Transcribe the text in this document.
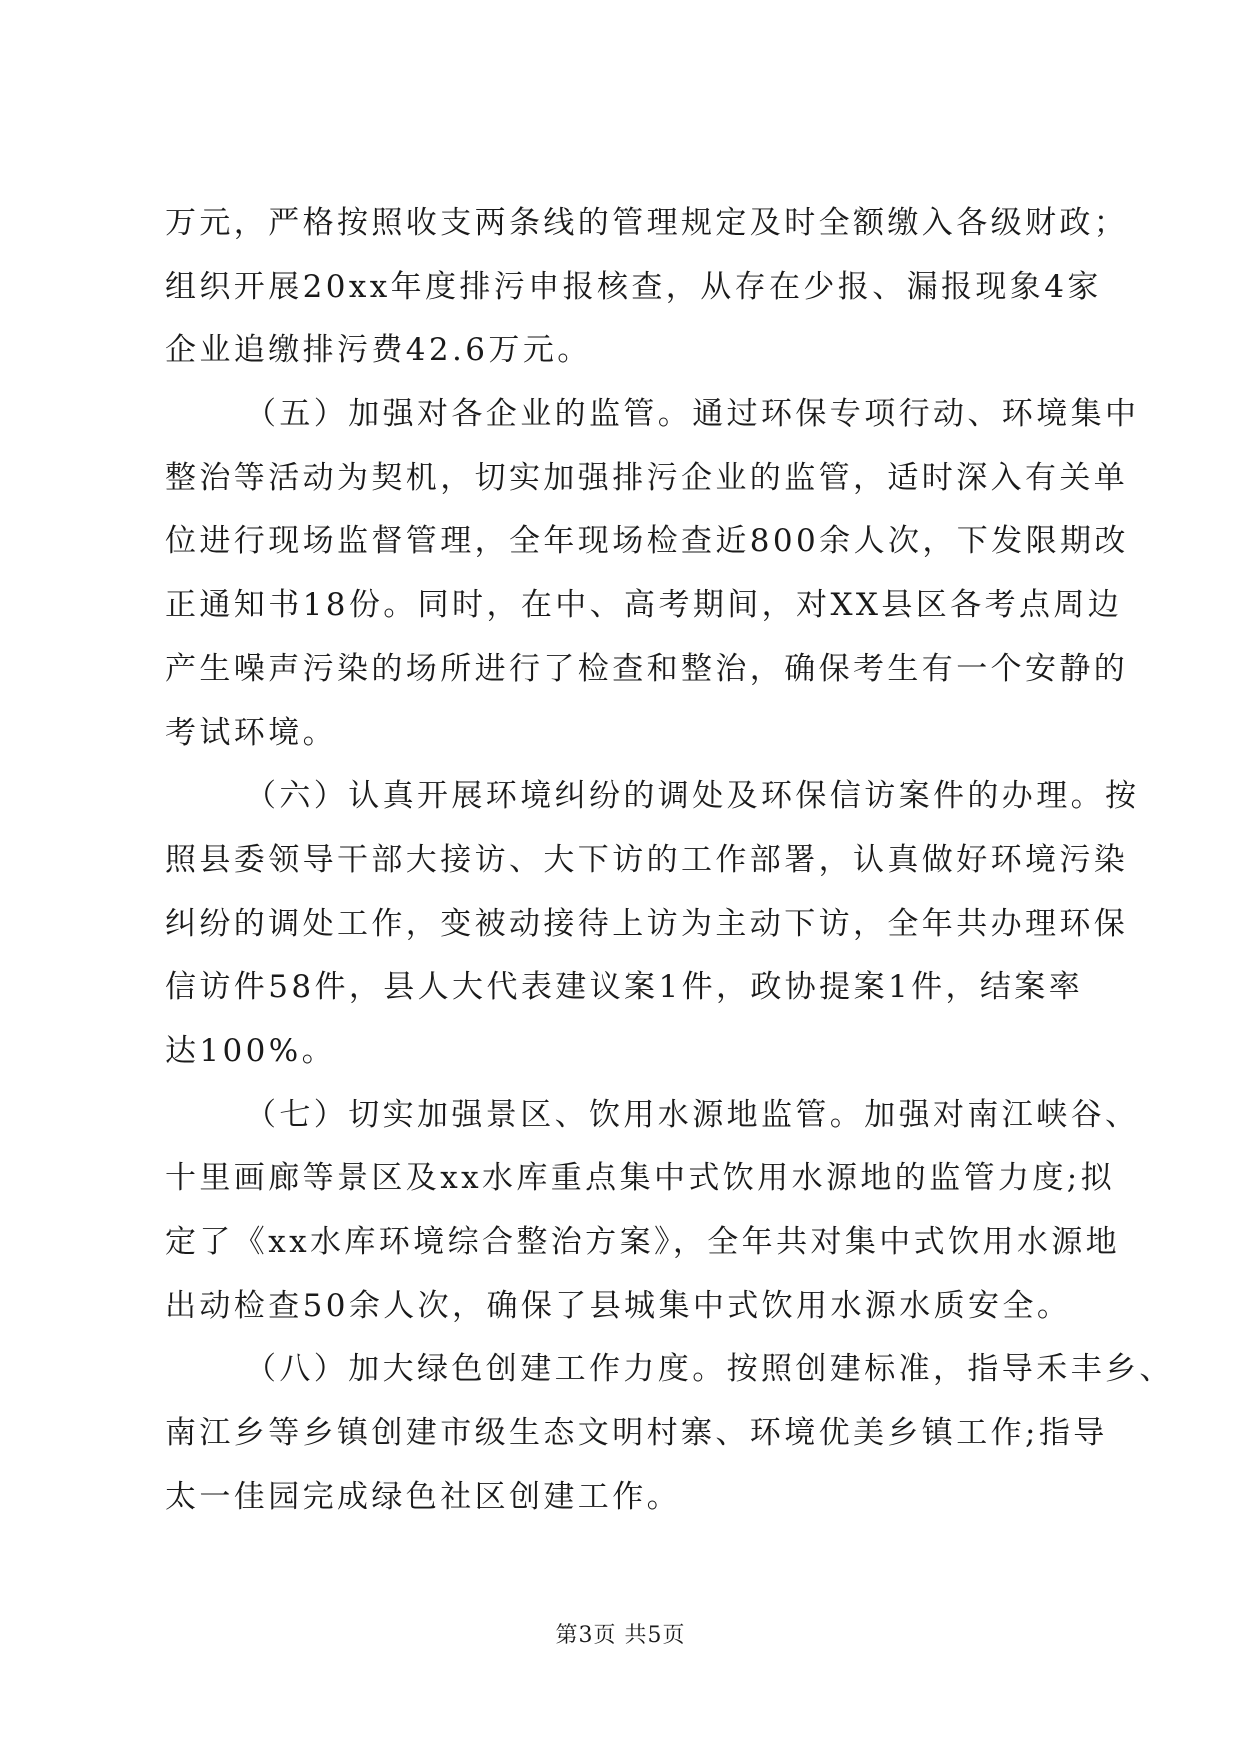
万元，严格按照收支两条线的管理规定及时全额缴入各级财政；
组织开展20xx年度排污申报核查，从存在少报、漏报现象4家
企业追缴排污费42.6万元。
（五）加强对各企业的监管。通过环保专项行动、环境集中
整治等活动为契机，切实加强排污企业的监管，适时深入有关单
位进行现场监督管理，全年现场检查近800余人次，下发限期改
正通知书18份。同时，在中、高考期间，对XX县区各考点周边
产生噪声污染的场所进行了检查和整治，确保考生有一个安静的
考试环境。
（六）认真开展环境纠纷的调处及环保信访案件的办理。按
照县委领导干部大接访、大下访的工作部署，认真做好环境污染
纠纷的调处工作，变被动接待上访为主动下访，全年共办理环保
信访件58件，县人大代表建议案1件，政协提案1件，结案率
达100%。
（七）切实加强景区、饮用水源地监管。加强对南江峡谷、
十里画廊等景区及xx水库重点集中式饮用水源地的监管力度;拟
定了《xx水库环境综合整治方案》，全年共对集中式饮用水源地
出动检查50余人次，确保了县城集中式饮用水源水质安全。
（八）加大绿色创建工作力度。按照创建标准，指导禾丰乡、
南江乡等乡镇创建市级生态文明村寨、环境优美乡镇工作;指导
太一佳园完成绿色社区创建工作。
第3页 共5页
